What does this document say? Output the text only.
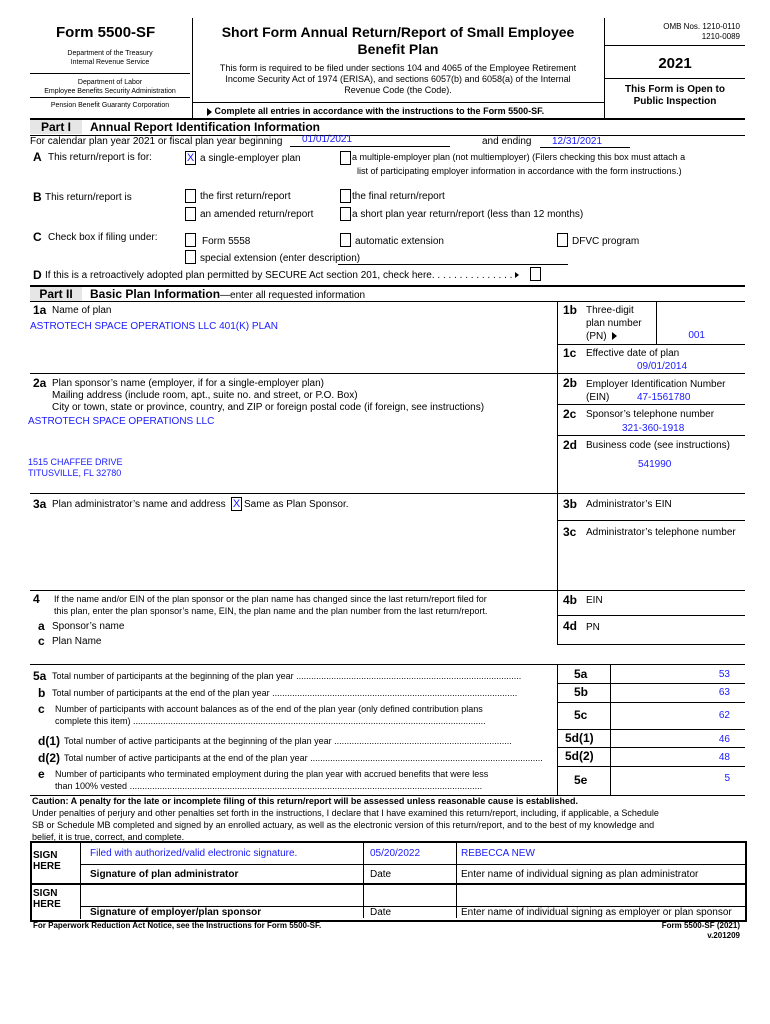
Form 5500-SF
Department of the Treasury
Internal Revenue Service
Department of Labor
Employee Benefits Security Administration
Pension Benefit Guaranty Corporation
Short Form Annual Return/Report of Small Employee
Benefit Plan
This form is required to be filed under sections 104 and 4065 of the Employee Retirement
Income Security Act of 1974 (ERISA), and sections 6057(b) and 6058(a) of the Internal
Revenue Code (the Code).
Complete all entries in accordance with the instructions to the Form 5500-SF.
OMB Nos. 1210-0110
1210-0089
2021
This Form is Open to
Public Inspection
Part I	Annual Report Identification Information
For calendar plan year 2021 or fiscal plan year beginning 01/01/2021	and ending 12/31/2021
A This return/report is for:	X a single-employer plan	a multiple-employer plan (not multiemployer) (Filers checking this box must attach a
list of participating employer information in accordance with the form instructions.)
B This return/report is	the first return/report	the final return/report
an amended return/report	a short plan year return/report (less than 12 months)
C Check box if filing under:	Form 5558	automatic extension	DFVC program
special extension (enter description)
D If this is a retroactively adopted plan permitted by SECURE Act section 201, check here. . . . . . . . . . . . . . .
Part II	Basic Plan Information—enter all requested information
1a Name of plan
ASTROTECH SPACE OPERATIONS LLC 401(K) PLAN
1b Three-digit
plan number
(PN)	001
1c Effective date of plan
09/01/2014
2a Plan sponsor’s name (employer, if for a single-employer plan)
Mailing address (include room, apt., suite no. and street, or P.O. Box)
City or town, state or province, country, and ZIP or foreign postal code (if foreign, see instructions)
ASTROTECH SPACE OPERATIONS LLC
1515 CHAFFEE DRIVE
TITUSVILLE, FL 32780
2b Employer Identification Number
(EIN)	47-1561780
2c Sponsor’s telephone number
321-360-1918
2d Business code (see instructions)
541990
3a Plan administrator’s name and address X Same as Plan Sponsor.	3b Administrator’s EIN
3c Administrator’s telephone number
4 If the name and/or EIN of the plan sponsor or the plan name has changed since the last return/report filed for
this plan, enter the plan sponsor’s name, EIN, the plan name and the plan number from the last return/report.
a Sponsor’s name
c Plan Name
4b EIN
4d PN
5a Total number of participants at the beginning of the plan year ..........................................................................................	5a	53
b Total number of participants at the end of the plan year ..................................................................................................	5b	63
c Number of participants with account balances as of the end of the plan year (only defined contribution plans
complete this item) .............................................................................................................................................	5c	62
d(1) Total number of active participants at the beginning of the plan year .......................................................................	5d(1)	46
d(2) Total number of active participants at the end of the plan year .............................................................................................	5d(2)	48
e Number of participants who terminated employment during the plan year with accrued benefits that were less
than 100% vested .............................................................................................................................................	5e	5
Caution: A penalty for the late or incomplete filing of this return/report will be assessed unless reasonable cause is established.
Under penalties of perjury and other penalties set forth in the instructions, I declare that I have examined this return/report, including, if applicable, a Schedule
SB or Schedule MB completed and signed by an enrolled actuary, as well as the electronic version of this return/report, and to the best of my knowledge and
belief, it is true, correct, and complete.
SIGN
HERE
Filed with authorized/valid electronic signature.	05/20/2022	REBECCA NEW
Signature of plan administrator	Date	Enter name of individual signing as plan administrator
SIGN
HERE
Signature of employer/plan sponsor	Date	Enter name of individual signing as employer or plan sponsor
For Paperwork Reduction Act Notice, see the Instructions for Form 5500-SF.	Form 5500-SF (2021)
v.201209
